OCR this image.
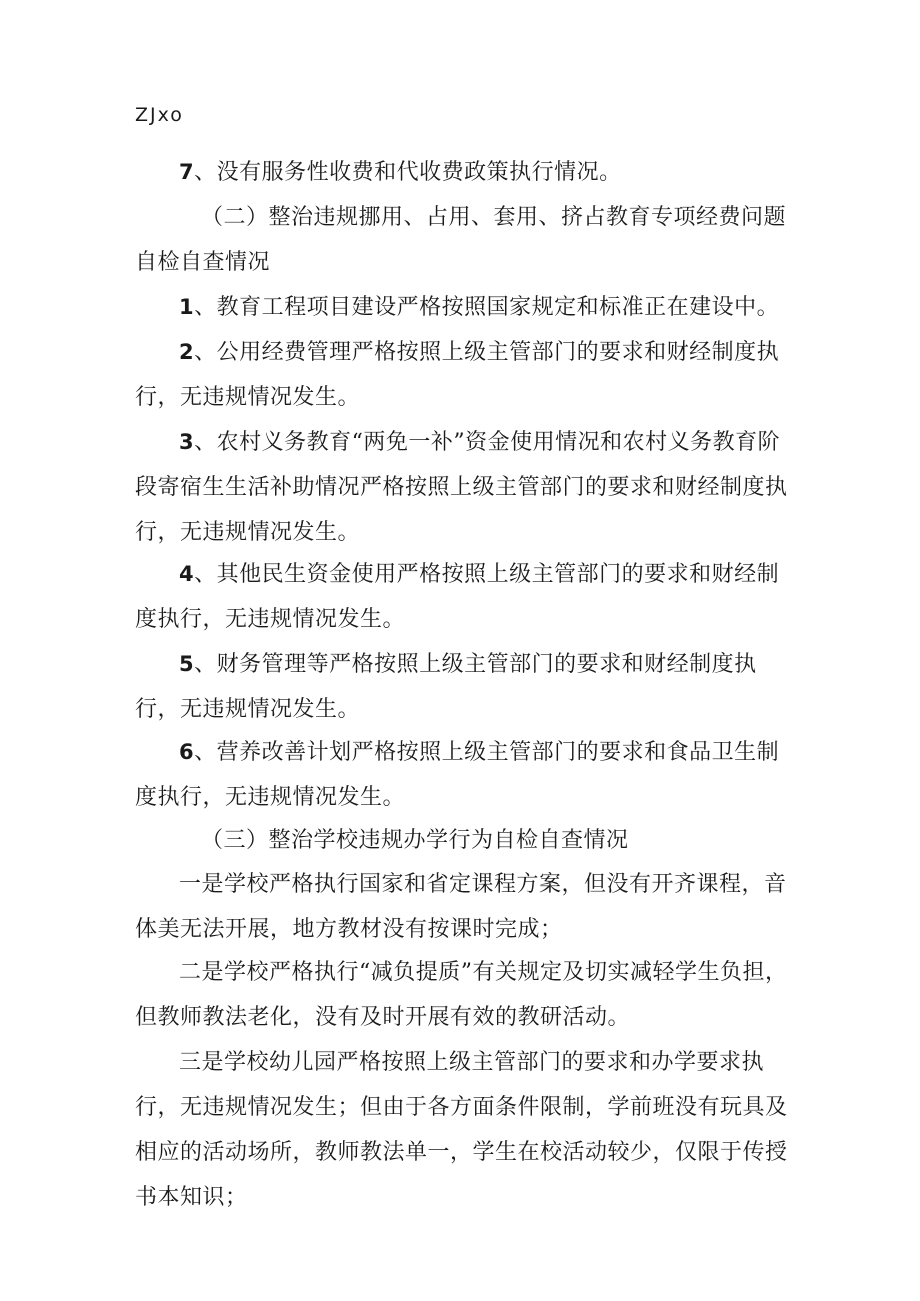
ZJxo

7、没有服务性收费和代收费政策执行情况。

（二）整治违规挪用、占用、套用、挤占教育专项经费问题自检自查情况

1、教育工程项目建设严格按照国家规定和标准正在建设中。

2、公用经费管理严格按照上级主管部门的要求和财经制度执行，无违规情况发生。

3、农村义务教育“两免一补”资金使用情况和农村义务教育阶段寄宿生生活补助情况严格按照上级主管部门的要求和财经制度执行，无违规情况发生。

4、其他民生资金使用严格按照上级主管部门的要求和财经制度执行，无违规情况发生。

5、财务管理等严格按照上级主管部门的要求和财经制度执行，无违规情况发生。

6、营养改善计划严格按照上级主管部门的要求和食品卫生制度执行，无违规情况发生。

（三）整治学校违规办学行为自检自查情况

一是学校严格执行国家和省定课程方案，但没有开齐课程，音体美无法开展，地方教材没有按课时完成；

二是学校严格执行“减负提质”有关规定及切实减轻学生负担，但教师教法老化，没有及时开展有效的教研活动。

三是学校幼儿园严格按照上级主管部门的要求和办学要求执行，无违规情况发生；但由于各方面条件限制，学前班没有玩具及相应的活动场所，教师教法单一，学生在校活动较少，仅限于传授书本知识；
